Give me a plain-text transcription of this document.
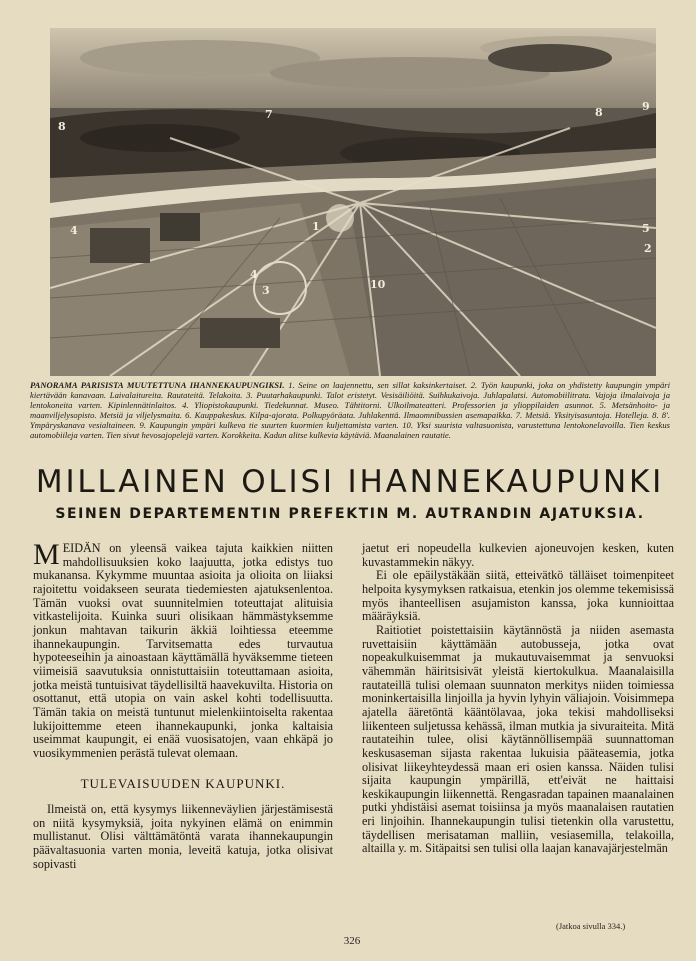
8
7
1
4
3
4
10
8	9
5
2
PANORAMA PARISISTA MUUTETTUNA IHANNEKAUPUNGIKSI. 1. Seine on laajennettu, sen sillat kaksinkertaiset. 2. Työn kaupunki, joka on yhdistetty kaupungin ympäri kiertävään kanavaan. Laivalaitureita. Rautateitä. Telakoita. 3. Puutarhakaupunki. Talot eristetyt. Vesisäiliöitä. Suihkukaivoja. Juhlapalatsi. Automobiilitrata. Vajoja ilmalaivoja ja lentokoneita varten. Kipinlennätinlaitos. 4. Yliopistokaupunki. Tiedekunnat. Museo. Tähtitorni. Ulkoilmateatteri. Professorien ja ylioppilaiden asunnot. 5. Metsänhoito- ja maanviljelysopisto. Metsiä ja viljelysmaita. 6. Kauppakeskus. Kilpa-ajorata. Polkupyöräata. Juhlakenttä. Ilmaomnibussien asemapaikka. 7. Metsiä. Yksityisasuntoja. Hotelleja. 8. 8'. Ympäryskanava vesialtaineen. 9. Kaupungin ympäri kulkeva tie suurten kuormien kuljettamista varten. 10. Yksi suurista valtasuonista, varustettuna lentokonelavoilla. Tien keskus automobiileja varten. Tien sivut hevosajopelejä varten. Korokkeita. Kadun alitse kulkevia käytäviä. Maanalainen rautatie.
MILLAINEN OLISI IHANNEKAUPUNKI
SEINEN DEPARTEMENTIN PREFEKTIN M. AUTRANDIN AJATUKSIA.

MEIDÄN on yleensä vaikea tajuta kaikkien niitten mahdollisuuksien koko laajuutta, jotka edistys tuo mukanansa. Kykymme muuntaa asioita ja olioita on liiaksi rajoitettu voidakseen seurata tiedemiesten ajatuksenlentoa. Tämän vuoksi ovat suunnitelmien toteuttajat alituisia vitkastelijoita. Kuinka suuri olisikaan hämmästyksemme jonkun mahtavan taikurin äkkiä loihtiessa eteemme ihannekaupungin. Tarvitsematta edes turvautua hypoteeseihin ja ainoastaan käyttämällä hyväksemme tieteen viimeisiä saavutuksia onnistuttaisiin toteuttamaan asioita, jotka meistä tuntuisivat täydellisiltä haavekuvilta. Historia on osottanut, että utopia on vain askel kohti todellisuutta. Tämän takia on meistä tuntunut mielenkiintoiselta rakentaa lukijoittemme eteen ihannekaupunki, jonka kaltaisia useimmat kaupungit, ei enää vuosisatojen, vaan ehkäpä jo vuosikymmenien perästä tulevat olemaan.

TULEVAISUUDEN KAUPUNKI.

Ilmeistä on, että kysymys liikenneväylien järjestämisestä on niitä kysymyksiä, joita nykyinen elämä on enimmin mullistanut. Olisi välttämätöntä varata ihannekaupungin päävaltasuonia varten monia, leveitä katuja, jotka olisivat sopivasti

jaetut eri nopeudella kulkevien ajoneuvojen kesken, kuten kuvastammekin näkyy.

Ei ole epäilystäkään siitä, etteivätkö tälläiset toimenpiteet helpoita kysymyksen ratkaisua, etenkin jos olemme tekemisissä myös ihanteellisen asujamiston kanssa, joka kunnioittaa määräyksiä.

Raitiotiet poistettaisiin käytännöstä ja niiden asemasta ruvettaisiin käyttämään autobusseja, jotka ovat nopeakulkuisemmat ja mukautuvaisemmat ja senvuoksi vähemmän häiritsisivät yleistä kiertokulkua. Maanalaisilla rautateillä tulisi olemaan suunnaton merkitys niiden toimiessa moninkertaisilla linjoilla ja hyvin lyhyin väliajoin. Voisimmepa ajatella ääretöntä kääntölavaa, joka tekisi mahdolliseksi liikenteen suljetussa kehässä, ilman mutkia ja sivuraiteita. Mitä rautateihin tulee, olisi käytännöllisempää suunnattoman keskusaseman sijasta rakentaa lukuisia pääteasemia, jotka olisivat liikeyhteydessä maan eri osien kanssa. Näiden tulisi sijaita kaupungin ympärillä, ett'eivät ne haittaisi keskikaupungin liikennettä. Rengasradan tapainen maanalainen putki yhdistäisi asemat toisiinsa ja myös maanalaisen rautatien eri linjoihin. Ihannekaupungin tulisi tietenkin olla varustettu, täydellisen merisataman malliin, vesiasemilla, telakoilla, altailla y. m. Sitäpaitsi sen tulisi olla laajan kanavajärjestelmän

(Jatkoa sivulla 334.)
326
